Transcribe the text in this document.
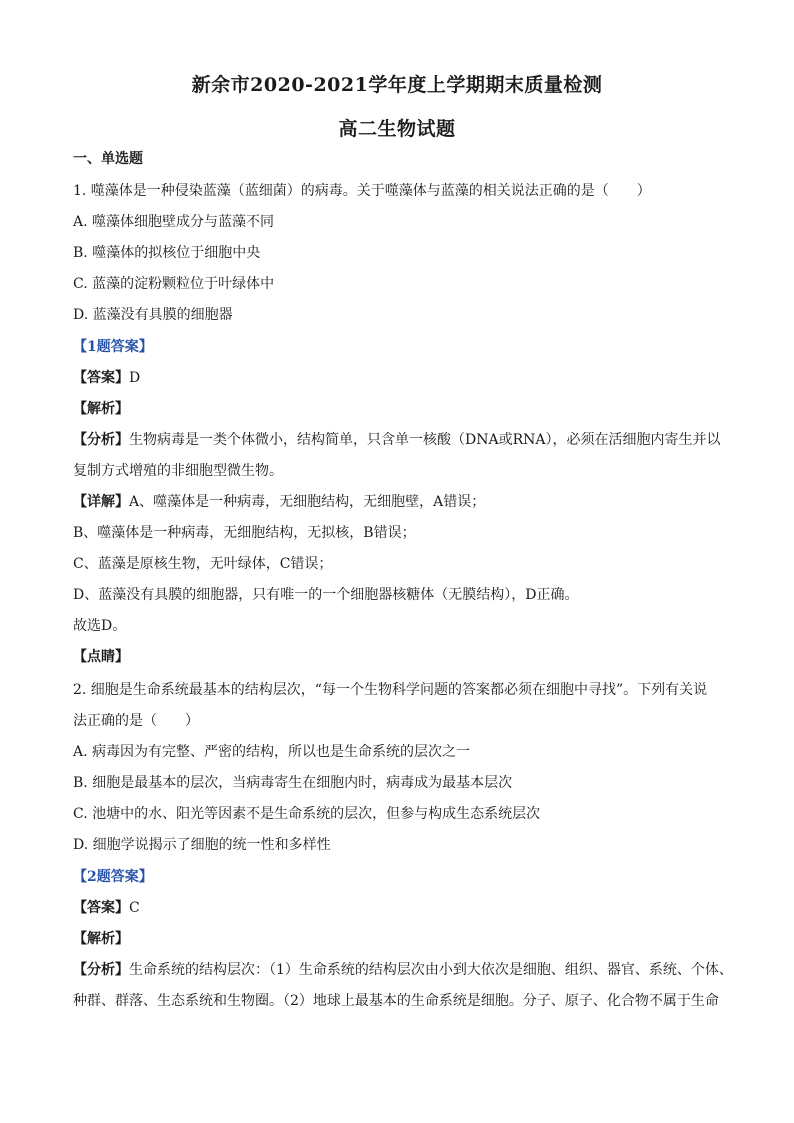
新余市2020-2021学年度上学期期末质量检测
高二生物试题
一、单选题
1. 噬藻体是一种侵染蓝藻（蓝细菌）的病毒。关于噬藻体与蓝藻的相关说法正确的是（　　）
A. 噬藻体细胞壁成分与蓝藻不同
B. 噬藻体的拟核位于细胞中央
C. 蓝藻的淀粉颗粒位于叶绿体中
D. 蓝藻没有具膜的细胞器
【1题答案】
【答案】D
【解析】
【分析】生物病毒是一类个体微小，结构简单，只含单一核酸（DNA或RNA），必须在活细胞内寄生并以
复制方式增殖的非细胞型微生物。
【详解】A、噬藻体是一种病毒，无细胞结构，无细胞壁，A错误；
B、噬藻体是一种病毒，无细胞结构，无拟核，B错误；
C、蓝藻是原核生物，无叶绿体，C错误；
D、蓝藻没有具膜的细胞器，只有唯一的一个细胞器核糖体（无膜结构），D正确。
故选D。
【点睛】
2. 细胞是生命系统最基本的结构层次，“每一个生物科学问题的答案都必须在细胞中寻找”。下列有关说
法正确的是（　　）
A. 病毒因为有完整、严密的结构，所以也是生命系统的层次之一
B. 细胞是最基本的层次，当病毒寄生在细胞内时，病毒成为最基本层次
C. 池塘中的水、阳光等因素不是生命系统的层次，但参与构成生态系统层次
D. 细胞学说揭示了细胞的统一性和多样性
【2题答案】
【答案】C
【解析】
【分析】生命系统的结构层次：（1）生命系统的结构层次由小到大依次是细胞、组织、器官、系统、个体、
种群、群落、生态系统和生物圈。（2）地球上最基本的生命系统是细胞。分子、原子、化合物不属于生命
